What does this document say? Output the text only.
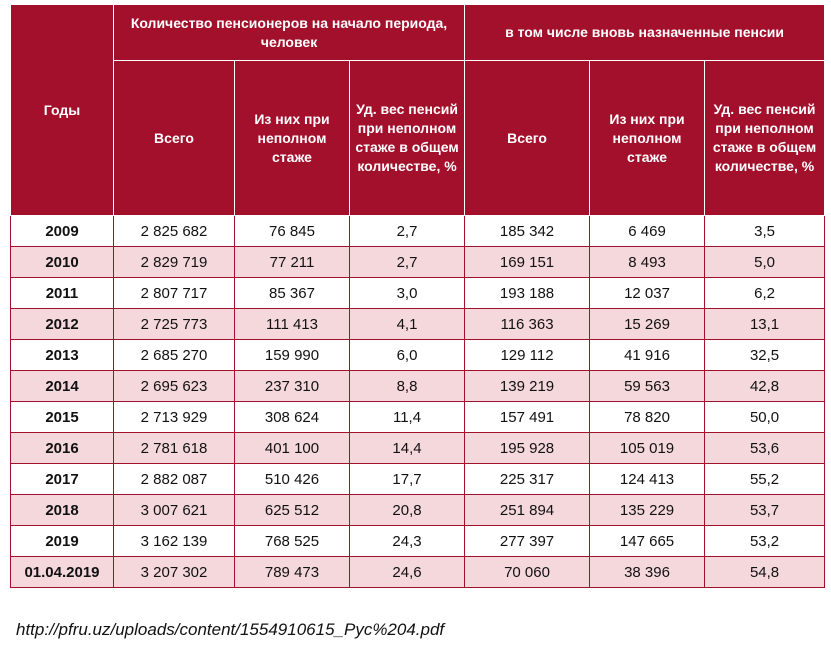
Годы	Количество пенсионеров на начало периода, человек			в том числе вновь назначенные пенсии		
	Всего	Из них при неполном стаже	Уд. вес пенсий при неполном стаже в общем количестве, %	Всего	Из них при неполном стаже	Уд. вес пенсий при неполном стаже в общем количестве, %
2009	2 825 682	76 845	2,7	185 342	6 469	3,5
2010	2 829 719	77 211	2,7	169 151	8 493	5,0
2011	2 807 717	85 367	3,0	193 188	12 037	6,2
2012	2 725 773	111 413	4,1	116 363	15 269	13,1
2013	2 685 270	159 990	6,0	129 112	41 916	32,5
2014	2 695 623	237 310	8,8	139 219	59 563	42,8
2015	2 713 929	308 624	11,4	157 491	78 820	50,0
2016	2 781 618	401 100	14,4	195 928	105 019	53,6
2017	2 882 087	510 426	17,7	225 317	124 413	55,2
2018	3 007 621	625 512	20,8	251 894	135 229	53,7
2019	3 162 139	768 525	24,3	277 397	147 665	53,2
01.04.2019	3 207 302	789 473	24,6	70 060	38 396	54,8
http://pfru.uz/uploads/content/1554910615_Рус%204.pdf
